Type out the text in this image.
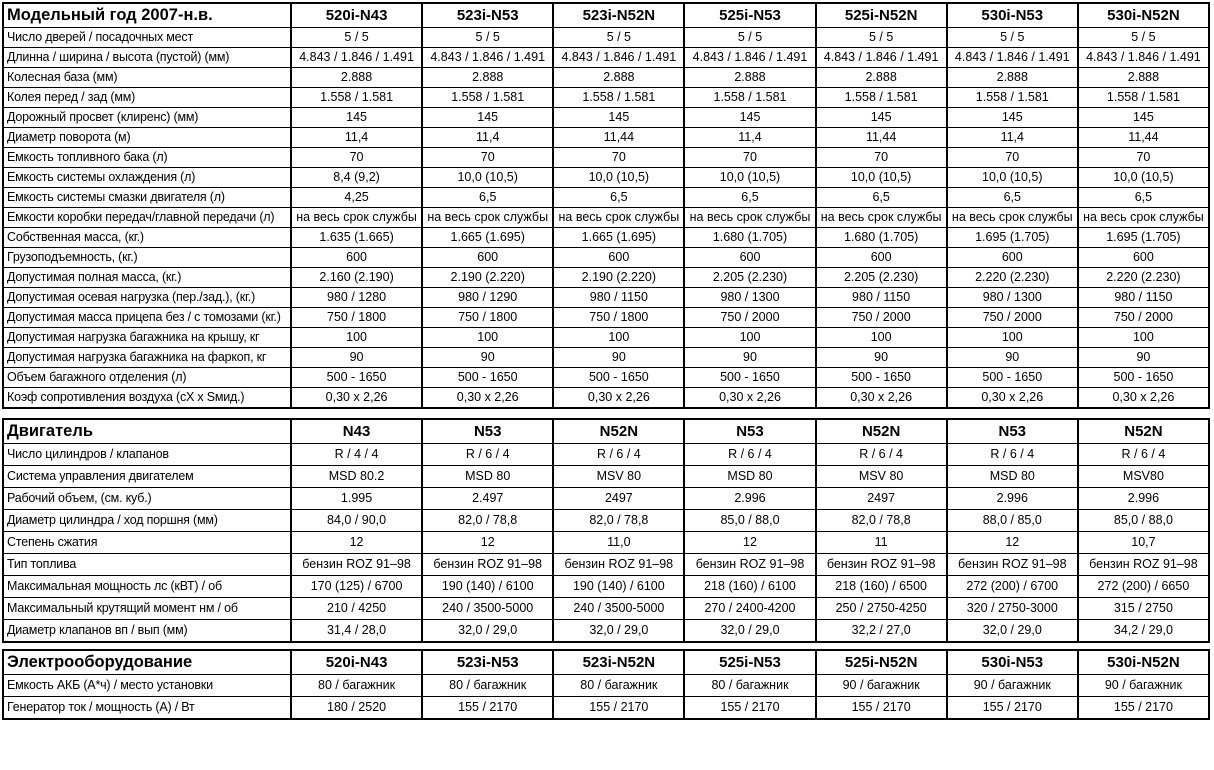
Модельный год 2007-н.в.	520i-N43	523i-N53	523i-N52N	525i-N53	525i-N52N	530i-N53	530i-N52N
Число дверей / посадочных мест	5 / 5	5 / 5	5 / 5	5 / 5	5 / 5	5 / 5	5 / 5
Длинна / ширина / высота (пустой) (мм)	4.843 / 1.846 / 1.491	4.843 / 1.846 / 1.491	4.843 / 1.846 / 1.491	4.843 / 1.846 / 1.491	4.843 / 1.846 / 1.491	4.843 / 1.846 / 1.491	4.843 / 1.846 / 1.491
Колесная база (мм)	2.888	2.888	2.888	2.888	2.888	2.888	2.888
Колея перед / зад (мм)	1.558 / 1.581	1.558 / 1.581	1.558 / 1.581	1.558 / 1.581	1.558 / 1.581	1.558 / 1.581	1.558 / 1.581
Дорожный просвет (клиренс) (мм)	145	145	145	145	145	145	145
Диаметр поворота (м)	11,4	11,4	11,44	11,4	11,44	11,4	11,44
Емкость топливного бака (л)	70	70	70	70	70	70	70
Емкость системы охлаждения (л)	8,4 (9,2)	10,0 (10,5)	10,0 (10,5)	10,0 (10,5)	10,0 (10,5)	10,0 (10,5)	10,0 (10,5)
Емкость системы смазки двигателя (л)	4,25	6,5	6,5	6,5	6,5	6,5	6,5
Емкости коробки передач/главной передачи (л)	на весь срок службы	на весь срок службы	на весь срок службы	на весь срок службы	на весь срок службы	на весь срок службы	на весь срок службы
Собственная масса, (кг.)	1.635 (1.665)	1.665 (1.695)	1.665 (1.695)	1.680 (1.705)	1.680 (1.705)	1.695 (1.705)	1.695 (1.705)
Грузоподъемность, (кг.)	600	600	600	600	600	600	600
Допустимая полная масса, (кг.)	2.160 (2.190)	2.190 (2.220)	2.190 (2.220)	2.205 (2.230)	2.205 (2.230)	2.220 (2.230)	2.220 (2.230)
Допустимая осевая нагрузка (пер./зад.), (кг.)	980 / 1280	980 / 1290	980 / 1150	980 / 1300	980 / 1150	980 / 1300	980 / 1150
Допустимая масса прицепа без / с томозами (кг.)	750 / 1800	750 / 1800	750 / 1800	750 / 2000	750 / 2000	750 / 2000	750 / 2000
Допустимая нагрузка багажника на крышу, кг	100	100	100	100	100	100	100
Допустимая нагрузка багажника на фаркоп, кг	90	90	90	90	90	90	90
Объем багажного отделения (л)	500 - 1650	500 - 1650	500 - 1650	500 - 1650	500 - 1650	500 - 1650	500 - 1650
Коэф сопротивления воздуха (сХ х Sмид.)	0,30 х 2,26	0,30 х 2,26	0,30 х 2,26	0,30 х 2,26	0,30 х 2,26	0,30 х 2,26	0,30 х 2,26
Двигатель	N43	N53	N52N	N53	N52N	N53	N52N
Число цилиндров / клапанов	R / 4 / 4	R / 6 / 4	R / 6 / 4	R / 6 / 4	R / 6 / 4	R / 6 / 4	R / 6 / 4
Система управления двигателем	MSD 80.2	MSD 80	MSV 80	MSD 80	MSV 80	MSD 80	MSV80
Рабочий объем, (см. куб.)	1.995	2.497	2497	2.996	2497	2.996	2.996
Диаметр цилиндра / ход поршня (мм)	84,0 / 90,0	82,0 / 78,8	82,0 / 78,8	85,0 / 88,0	82,0 / 78,8	88,0 / 85,0	85,0 / 88,0
Степень сжатия	12	12	11,0	12	11	12	10,7
Тип топлива	бензин ROZ 91–98	бензин ROZ 91–98	бензин ROZ 91–98	бензин ROZ 91–98	бензин ROZ 91–98	бензин ROZ 91–98	бензин ROZ 91–98
Максимальная мощность лс (кВТ) / об	170 (125) / 6700	190 (140) / 6100	190 (140) / 6100	218 (160) / 6100	218 (160) / 6500	272 (200) / 6700	272 (200) / 6650
Максимальный крутящий момент нм / об	210 / 4250	240 / 3500-5000	240 / 3500-5000	270 / 2400-4200	250 / 2750-4250	320 / 2750-3000	315 / 2750
Диаметр клапанов вп / вып (мм)	31,4 / 28,0	32,0 / 29,0	32,0 / 29,0	32,0 / 29,0	32,2 / 27,0	32,0 / 29,0	34,2 / 29,0
Электрооборудование	520i-N43	523i-N53	523i-N52N	525i-N53	525i-N52N	530i-N53	530i-N52N
Емкость АКБ (А*ч) / место установки	80 / багажник	80 / багажник	80 / багажник	80 / багажник	90 / багажник	90 / багажник	90 / багажник
Генератор ток / мощность (А) / Вт	180 / 2520	155 / 2170	155 / 2170	155 / 2170	155 / 2170	155 / 2170	155 / 2170
